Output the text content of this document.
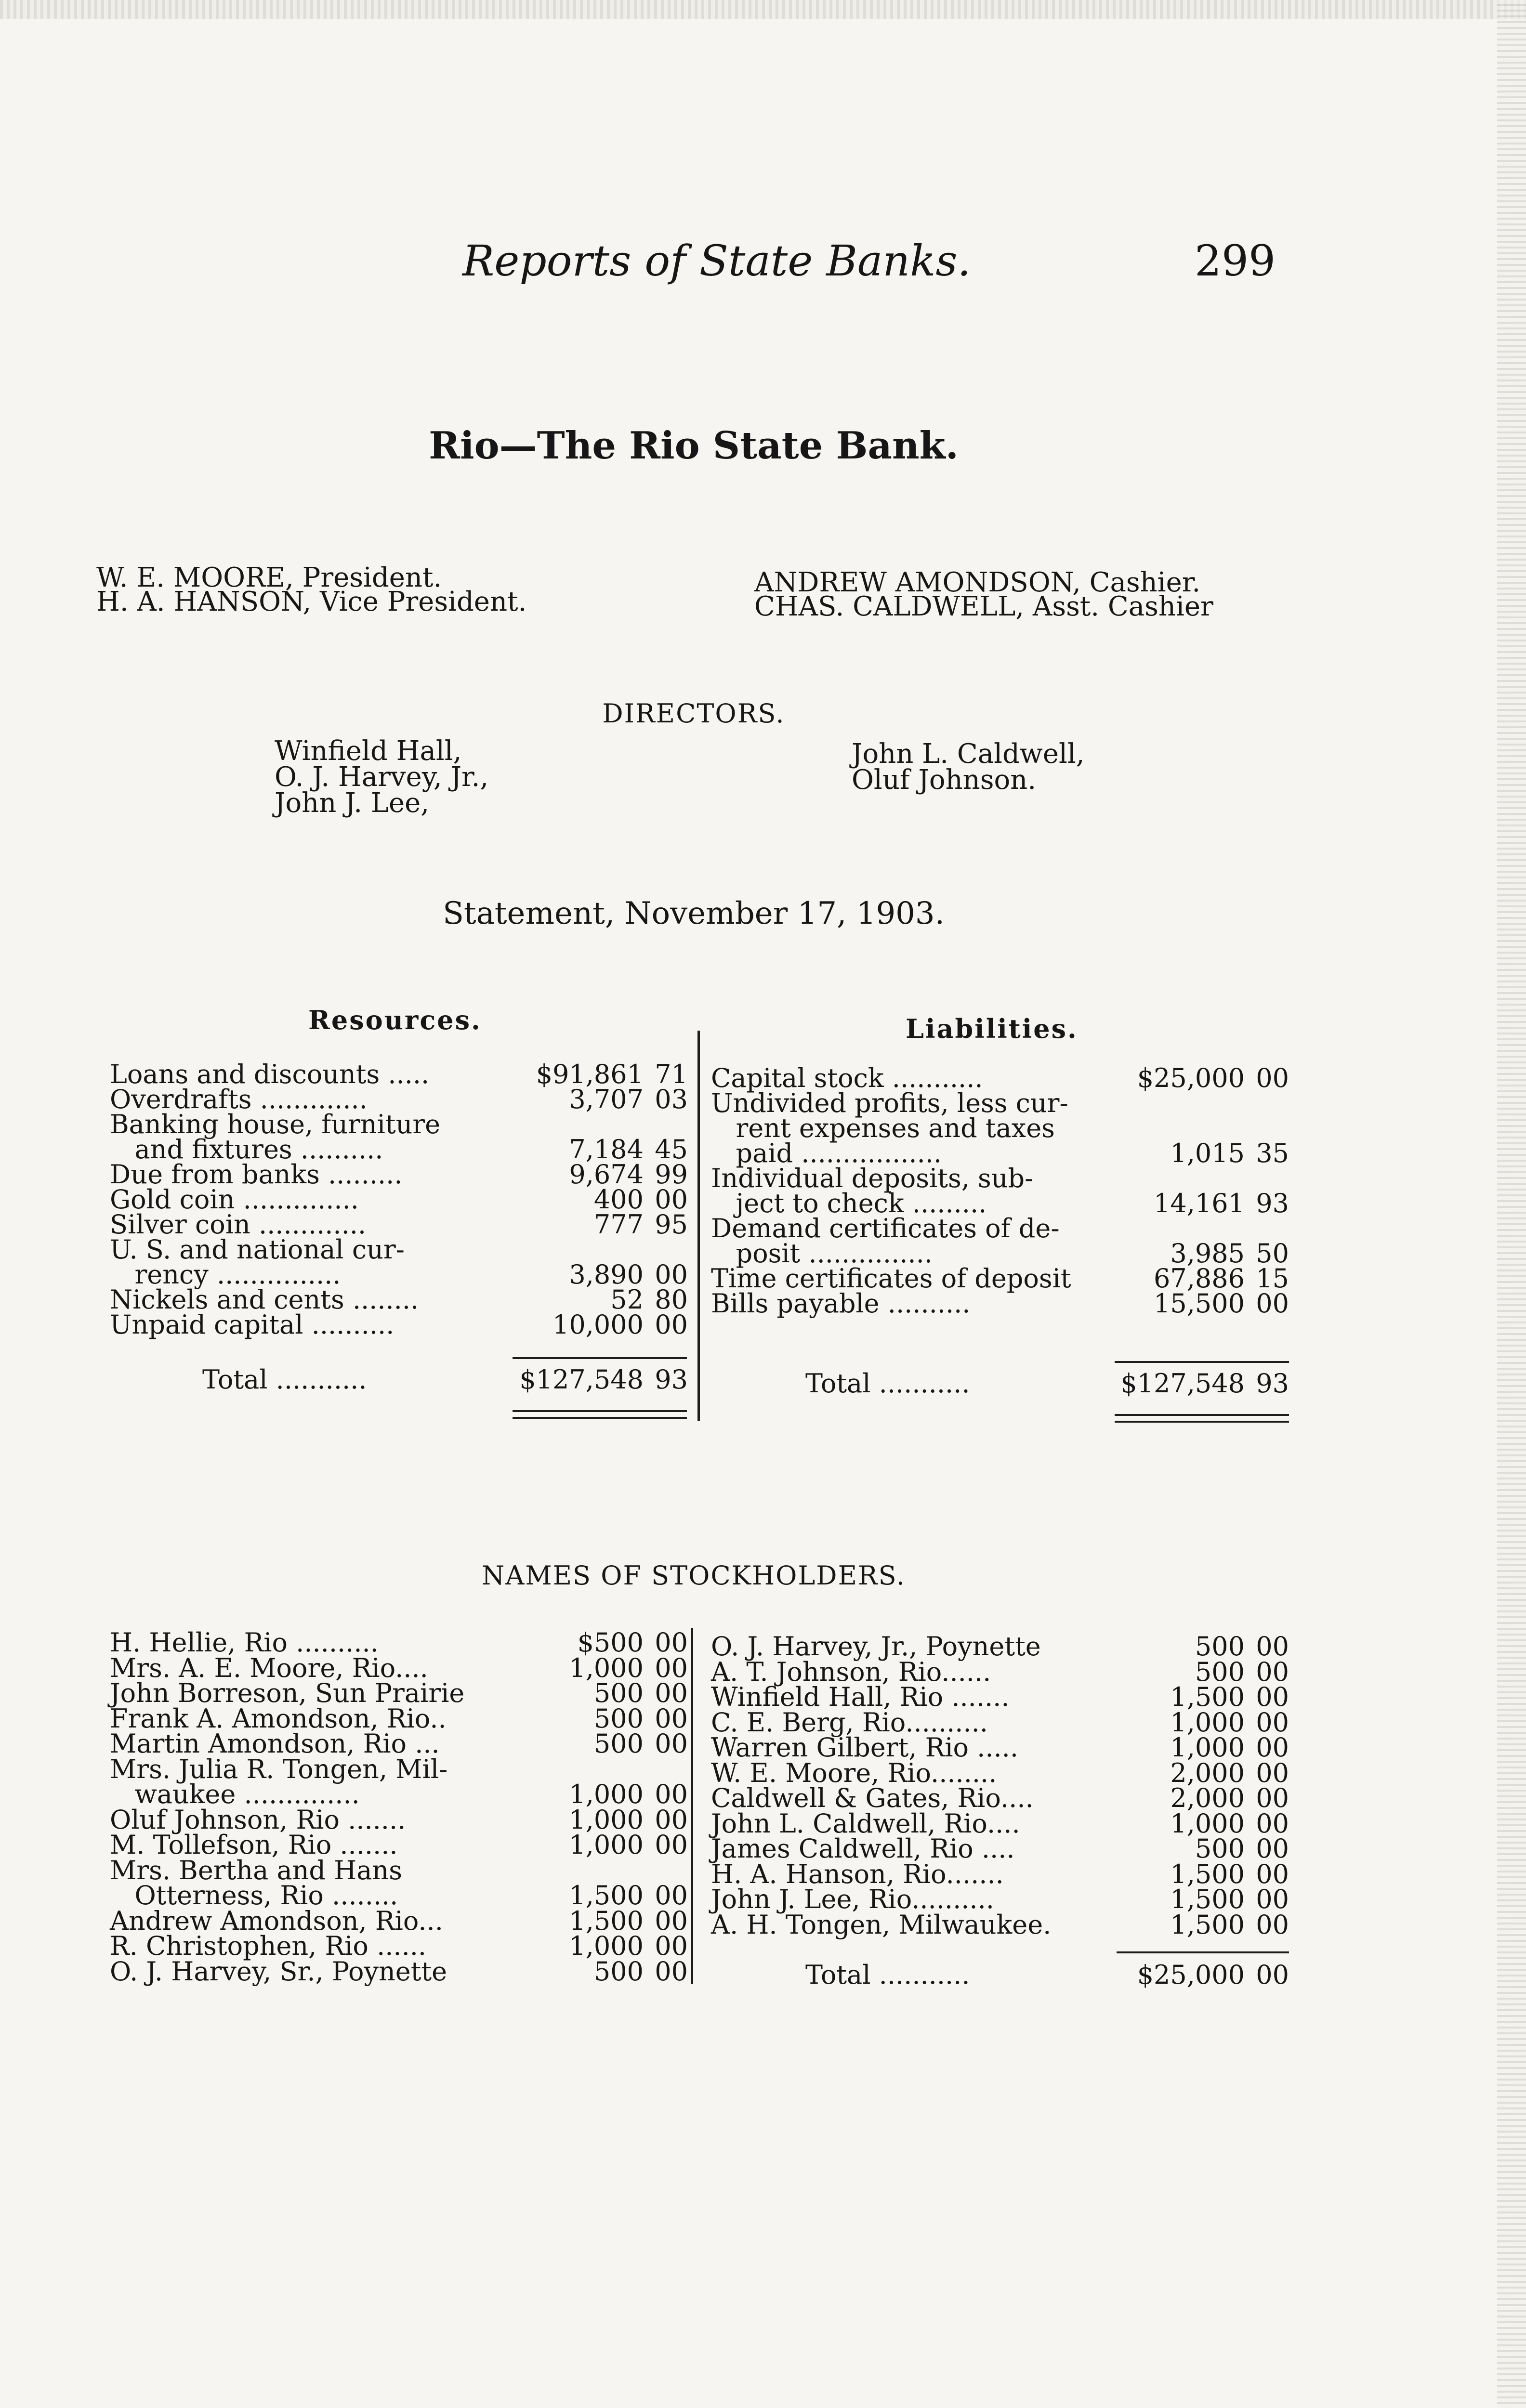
Reports of State Banks.	299
Rio—The Rio State Bank.
W. E. MOORE, President.
H. A. HANSON, Vice President.
ANDREW AMONDSON, Cashier.
CHAS. CALDWELL, Asst. Cashier
DIRECTORS.
Winfield Hall,
O. J. Harvey, Jr.,
John J. Lee,
John L. Caldwell,
Oluf Johnson.
Statement, November 17, 1903.
Resources.	Liabilities.
Loans and discounts .....	$91,861 71
Overdrafts .............	3,707 03
Banking house, furniture
and fixtures ..........	7,184 45
Due from banks .........	9,674 99
Gold coin ..............	400 00
Silver coin .............	777 95
U. S. and national cur-
rency ...............	3,890 00
Nickels and cents ........	52 80
Unpaid capital ..........	10,000 00
Total ...........	$127,548 93
Capital stock ...........	$25,000 00
Undivided profits, less cur-
rent expenses and taxes
paid .................	1,015 35
Individual deposits, sub-
ject to check .........	14,161 93
Demand certificates of de-
posit ...............	3,985 50
Time certificates of deposit	67,886 15
Bills payable ..........	15,500 00
Total ...........	$127,548 93
NAMES OF STOCKHOLDERS.
H. Hellie, Rio ..........	$500 00
Mrs. A. E. Moore, Rio....	1,000 00
John Borreson, Sun Prairie	500 00
Frank A. Amondson, Rio..	500 00
Martin Amondson, Rio ...	500 00
Mrs. Julia R. Tongen, Mil-
waukee ..............	1,000 00
Oluf Johnson, Rio .......	1,000 00
M. Tollefson, Rio .......	1,000 00
Mrs. Bertha and Hans
Otterness, Rio ........	1,500 00
Andrew Amondson, Rio...	1,500 00
R. Christophen, Rio ......	1,000 00
O. J. Harvey, Sr., Poynette	500 00
O. J. Harvey, Jr., Poynette	500 00
A. T. Johnson, Rio......	500 00
Winfield Hall, Rio .......	1,500 00
C. E. Berg, Rio..........	1,000 00
Warren Gilbert, Rio .....	1,000 00
W. E. Moore, Rio........	2,000 00
Caldwell & Gates, Rio....	2,000 00
John L. Caldwell, Rio....	1,000 00
James Caldwell, Rio ....	500 00
H. A. Hanson, Rio.......	1,500 00
John J. Lee, Rio..........	1,500 00
A. H. Tongen, Milwaukee.	1,500 00
Total ...........	$25,000 00
